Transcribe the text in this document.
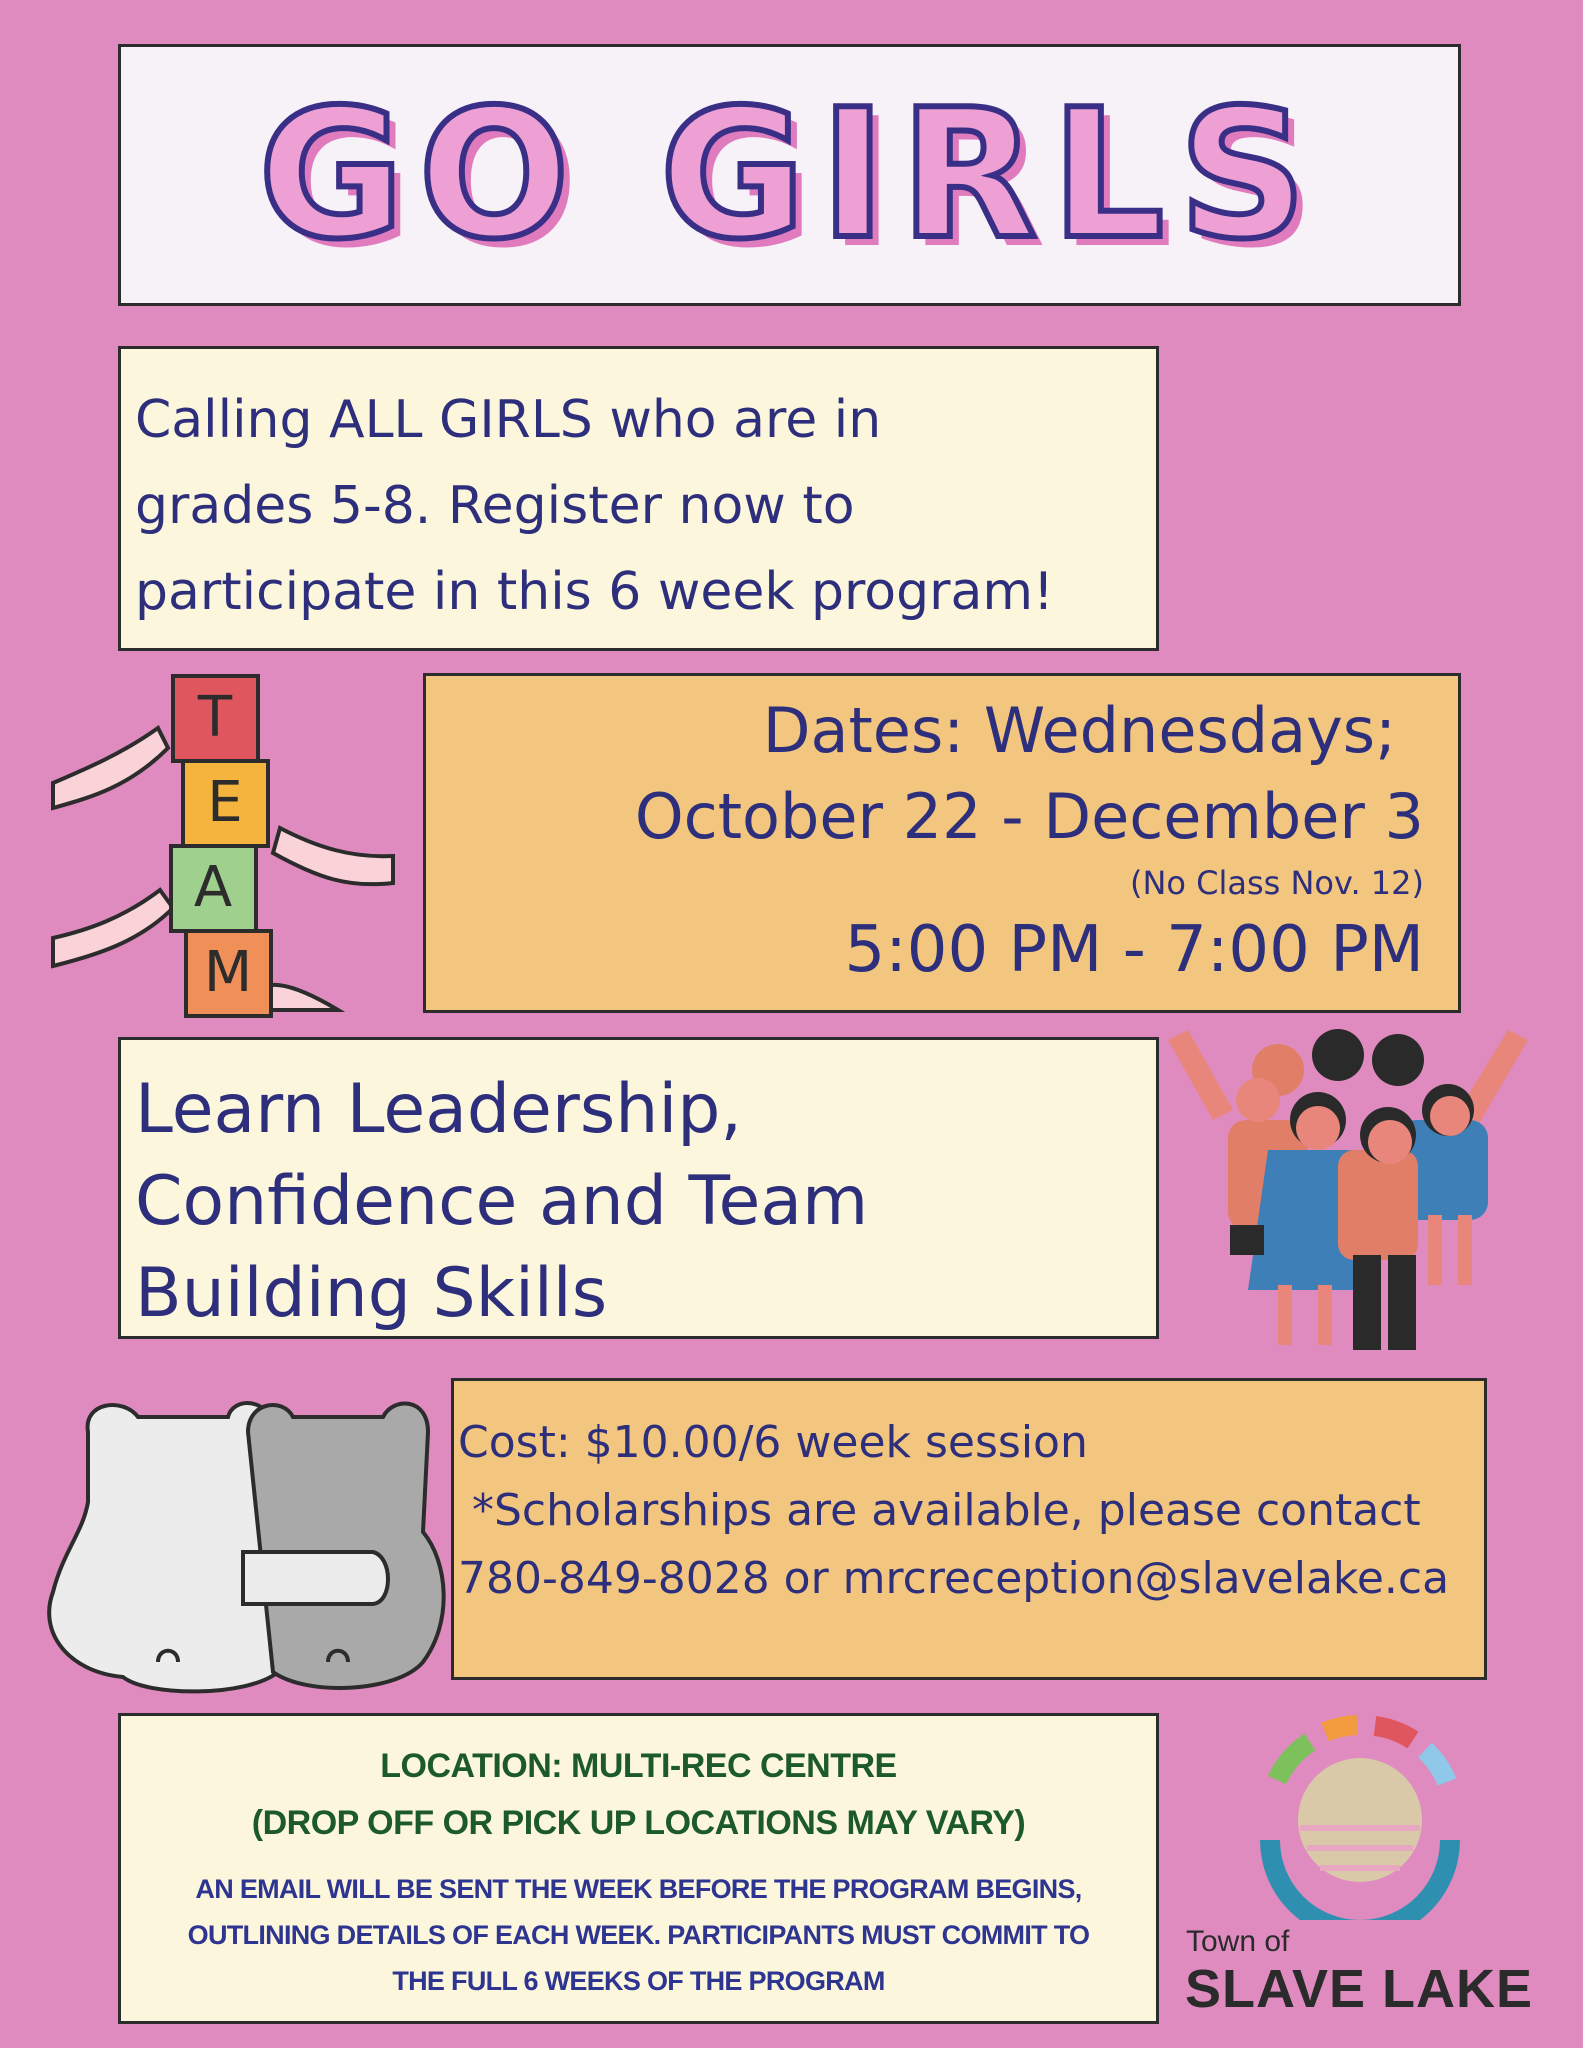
GO GIRLS

Calling ALL GIRLS who are in
grades 5-8. Register now to
participate in this 6 week program!

T
E
A
M
Dates: Wednesdays;
October 22 - December 3
(No Class Nov. 12)
5:00 PM - 7:00 PM

Learn Leadership,
Confidence and Team
Building Skills

Cost: $10.00/6 week session
*Scholarships are available, please contact
780-849-8028 or mrcreception@slavelake.ca
LOCATION: MULTI-REC CENTRE
(DROP OFF OR PICK UP LOCATIONS MAY VARY)
AN EMAIL WILL BE SENT THE WEEK BEFORE THE PROGRAM BEGINS,
OUTLINING DETAILS OF EACH WEEK. PARTICIPANTS MUST COMMIT TO
THE FULL 6 WEEKS OF THE PROGRAM
Town of
SLAVE LAKE
